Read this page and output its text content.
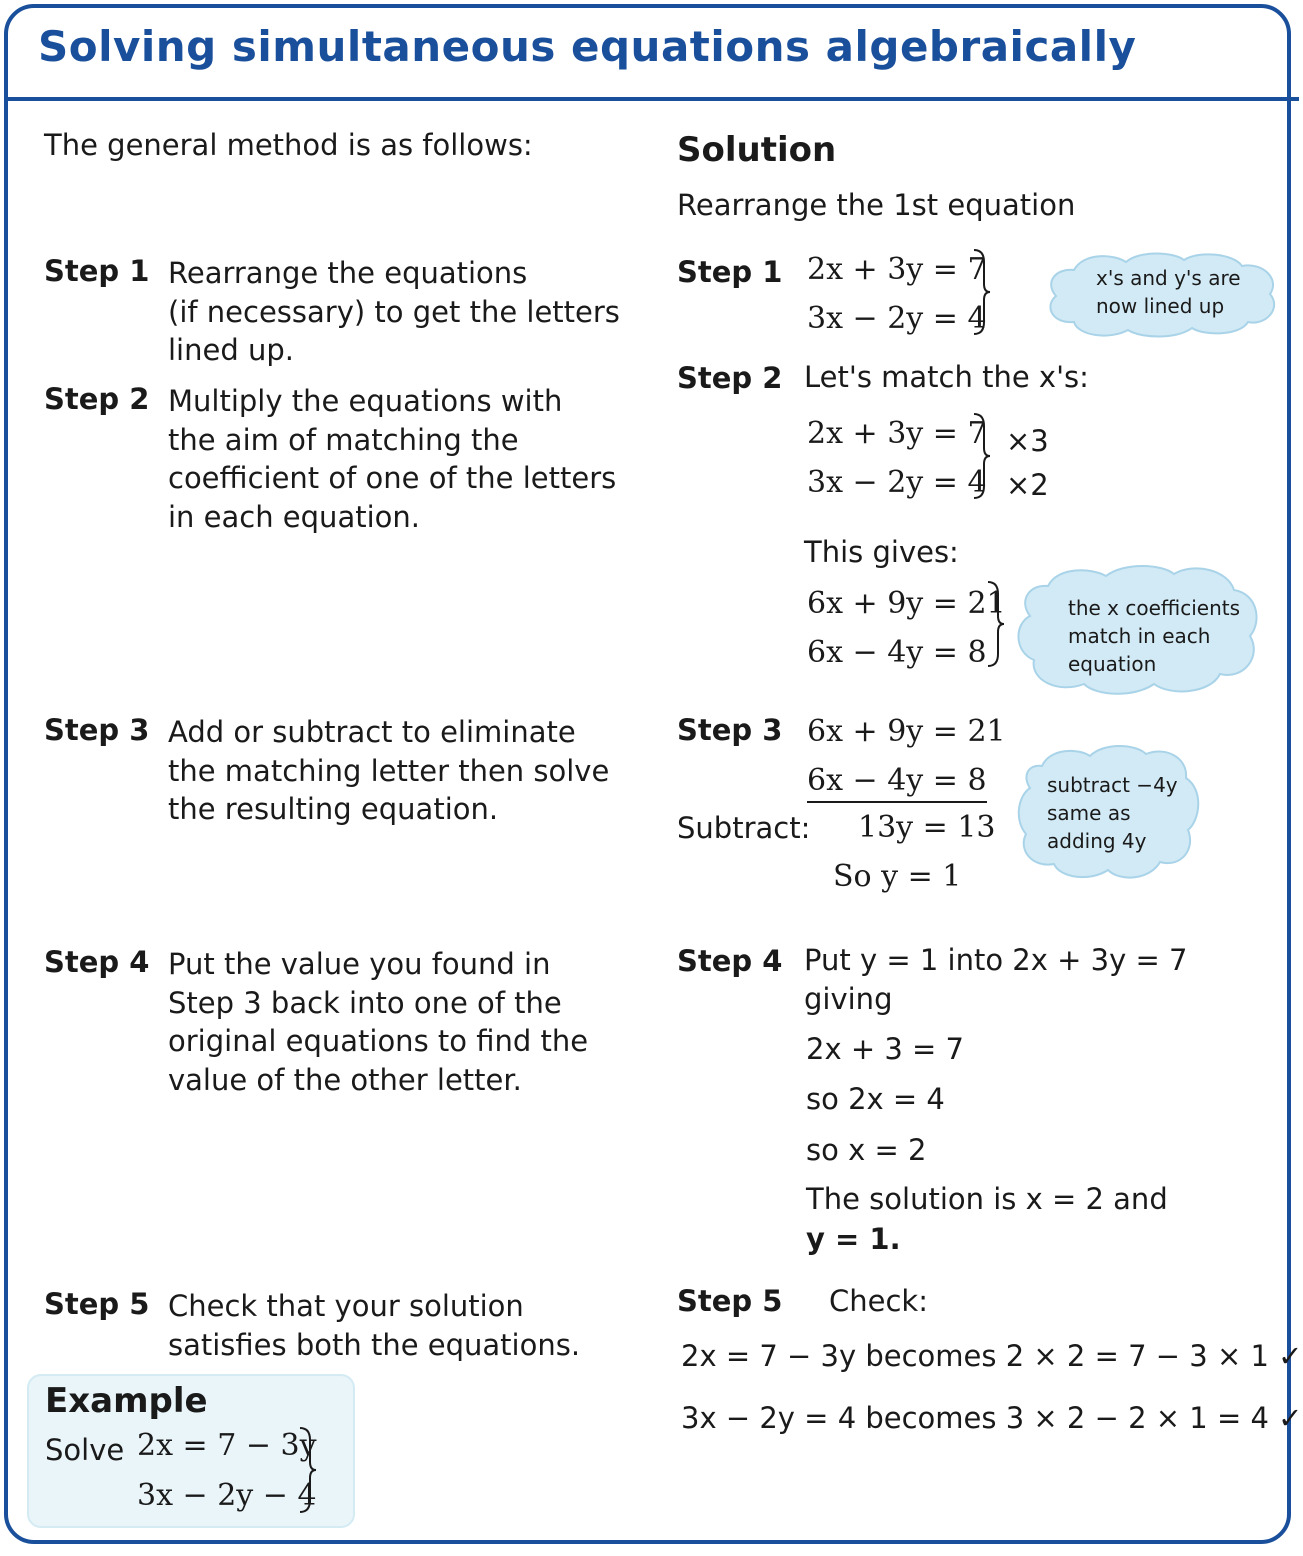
Solving simultaneous equations algebraically
The general method is as follows:
Step 1 Rearrange the equations
(if necessary) to get the letters
lined up.
Step 2 Multiply the equations with
the aim of matching the
coefficient of one of the letters
in each equation.
Step 3 Add or subtract to eliminate
the matching letter then solve
the resulting equation.
Step 4 Put the value you found in
Step 3 back into one of the
original equations to find the
value of the other letter.
Step 5 Check that your solution
satisfies both the equations.
Example
Solve 2x = 7 − 3y
3x − 2y − 4
Solution
Rearrange the 1st equation
Step 1 2x + 3y = 7
3x − 2y = 4
x's and y's are
now lined up
Step 2 Let's match the x's:
2x + 3y = 7
3x − 2y = 4
×3
×2
This gives:
6x + 9y = 21
6x − 4y = 8
the x coefficients
match in each
equation
Step 3 6x + 9y = 21
6x − 4y = 8
Subtract: 13y = 13
So y = 1
subtract −4y
same as
adding 4y
Step 4 Put y = 1 into 2x + 3y = 7
giving
2x + 3 = 7
so 2x = 4
so x = 2
The solution is x = 2 and
y = 1.
Step 5 Check:
2x = 7 − 3y becomes 2 × 2 = 7 − 3 × 1 ✓
3x − 2y = 4 becomes 3 × 2 − 2 × 1 = 4 ✓
